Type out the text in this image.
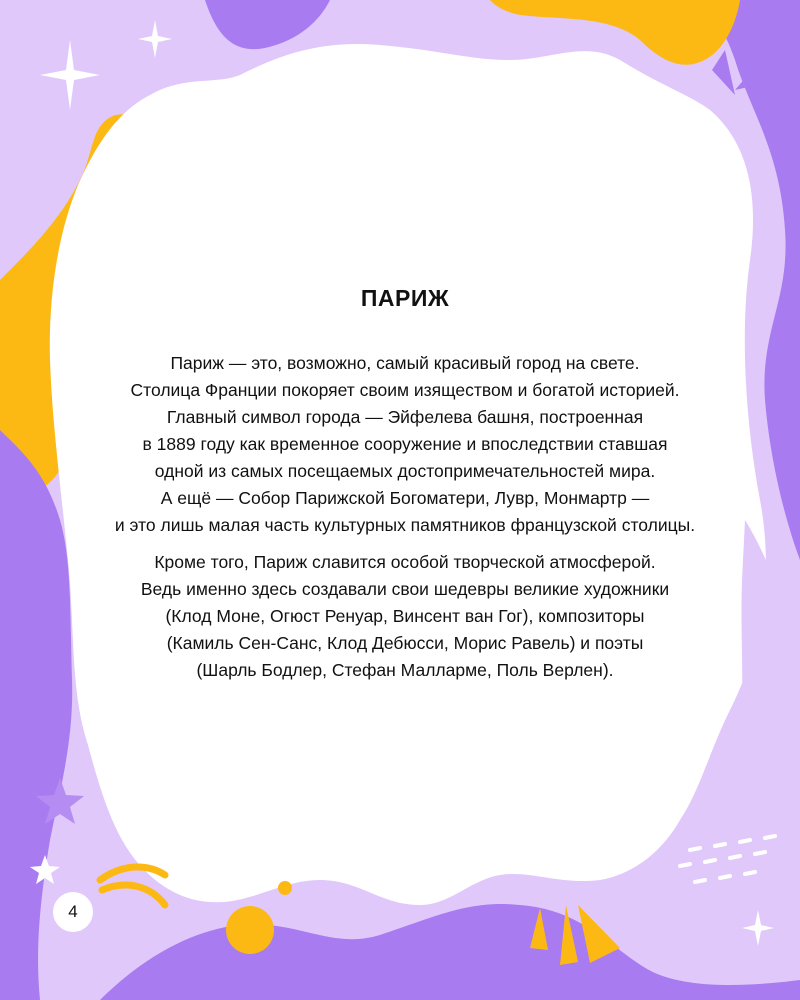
4
ПАРИЖ

Париж — это, возможно, самый красивый город на свете.
Столица Франции покоряет своим изяществом и богатой историей.
Главный символ города — Эйфелева башня, построенная
в 1889 году как временное сооружение и впоследствии ставшая
одной из самых посещаемых достопримечательностей мира.
А ещё — Собор Парижской Богоматери, Лувр, Монмартр —
и это лишь малая часть культурных памятников французской столицы.

Кроме того, Париж славится особой творческой атмосферой.
Ведь именно здесь создавали свои шедевры великие художники
(Клод Моне, Огюст Ренуар, Винсент ван Гог), композиторы
(Камиль Сен-Санс, Клод Дебюсси, Морис Равель) и поэты
(Шарль Бодлер, Стефан Малларме, Поль Верлен).
